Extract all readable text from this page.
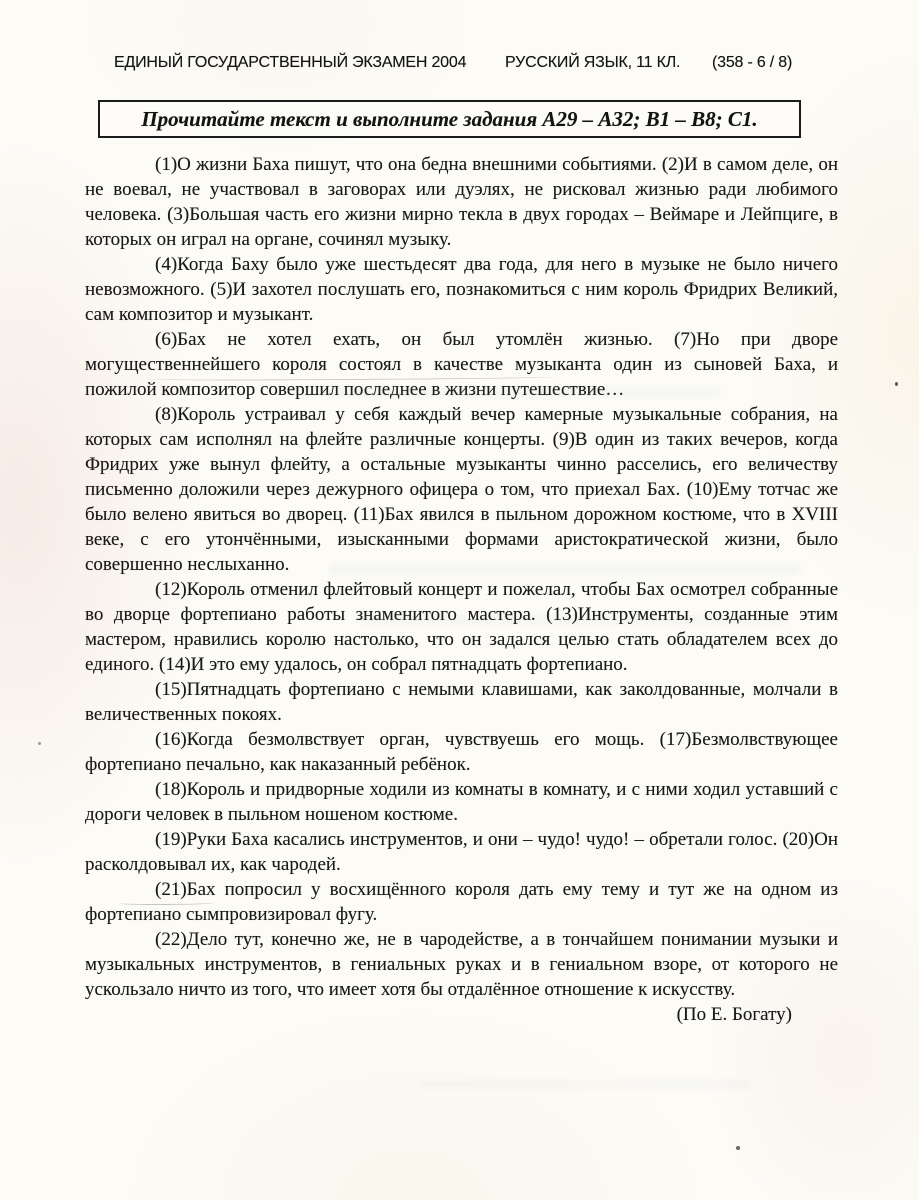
ЕДИНЫЙ ГОСУДАРСТВЕННЫЙ ЭКЗАМЕН 2004 РУССКИЙ ЯЗЫК, 11 КЛ. (358 - 6 / 8)
Прочитайте текст и выполните задания А29 – А32; В1 – В8; С1.

(1)О жизни Баха пишут, что она бедна внешними событиями. (2)И в самом деле, он не воевал, не участвовал в заговорах или дуэлях, не рисковал жизнью ради любимого человека. (3)Большая часть его жизни мирно текла в двух городах – Веймаре и Лейпциге, в которых он играл на органе, сочинял музыку.

(4)Когда Баху было уже шестьдесят два года, для него в музыке не было ничего невозможного. (5)И захотел послушать его, познакомиться с ним король Фридрих Великий, сам композитор и музыкант.

(6)Бах не хотел ехать, он был утомлён жизнью. (7)Но при дворе могущественнейшего короля состоял в качестве музыканта один из сыновей Баха, и пожилой композитор совершил последнее в жизни путешествие…

(8)Король устраивал у себя каждый вечер камерные музыкальные собрания, на которых сам исполнял на флейте различные концерты. (9)В один из таких вечеров, когда Фридрих уже вынул флейту, а остальные музыканты чинно расселись, его величеству письменно доложили через дежурного офицера о том, что приехал Бах. (10)Ему тотчас же было велено явиться во дворец. (11)Бах явился в пыльном дорожном костюме, что в XVIII веке, с его утончёнными, изысканными формами аристократической жизни, было совершенно неслыханно.

(12)Король отменил флейтовый концерт и пожелал, чтобы Бах осмотрел собранные во дворце фортепиано работы знаменитого мастера. (13)Инструменты, созданные этим мастером, нравились королю настолько, что он задался целью стать обладателем всех до единого. (14)И это ему удалось, он собрал пятнадцать фортепиано.

(15)Пятнадцать фортепиано с немыми клавишами, как заколдованные, молчали в величественных покоях.

(16)Когда безмолвствует орган, чувствуешь его мощь. (17)Безмолвствующее фортепиано печально, как наказанный ребёнок.

(18)Король и придворные ходили из комнаты в комнату, и с ними ходил уставший с дороги человек в пыльном ношеном костюме.

(19)Руки Баха касались инструментов, и они – чудо! чудо! – обретали голос. (20)Он расколдовывал их, как чародей.

(21)Бах попросил у восхищённого короля дать ему тему и тут же на одном из фортепиано сымпровизировал фугу.

(22)Дело тут, конечно же, не в чародействе, а в тончайшем понимании музыки и музыкальных инструментов, в гениальных руках и в гениальном взоре, от которого не ускользало ничто из того, что имеет хотя бы отдалённое отношение к искусству.

(По Е. Богату)
